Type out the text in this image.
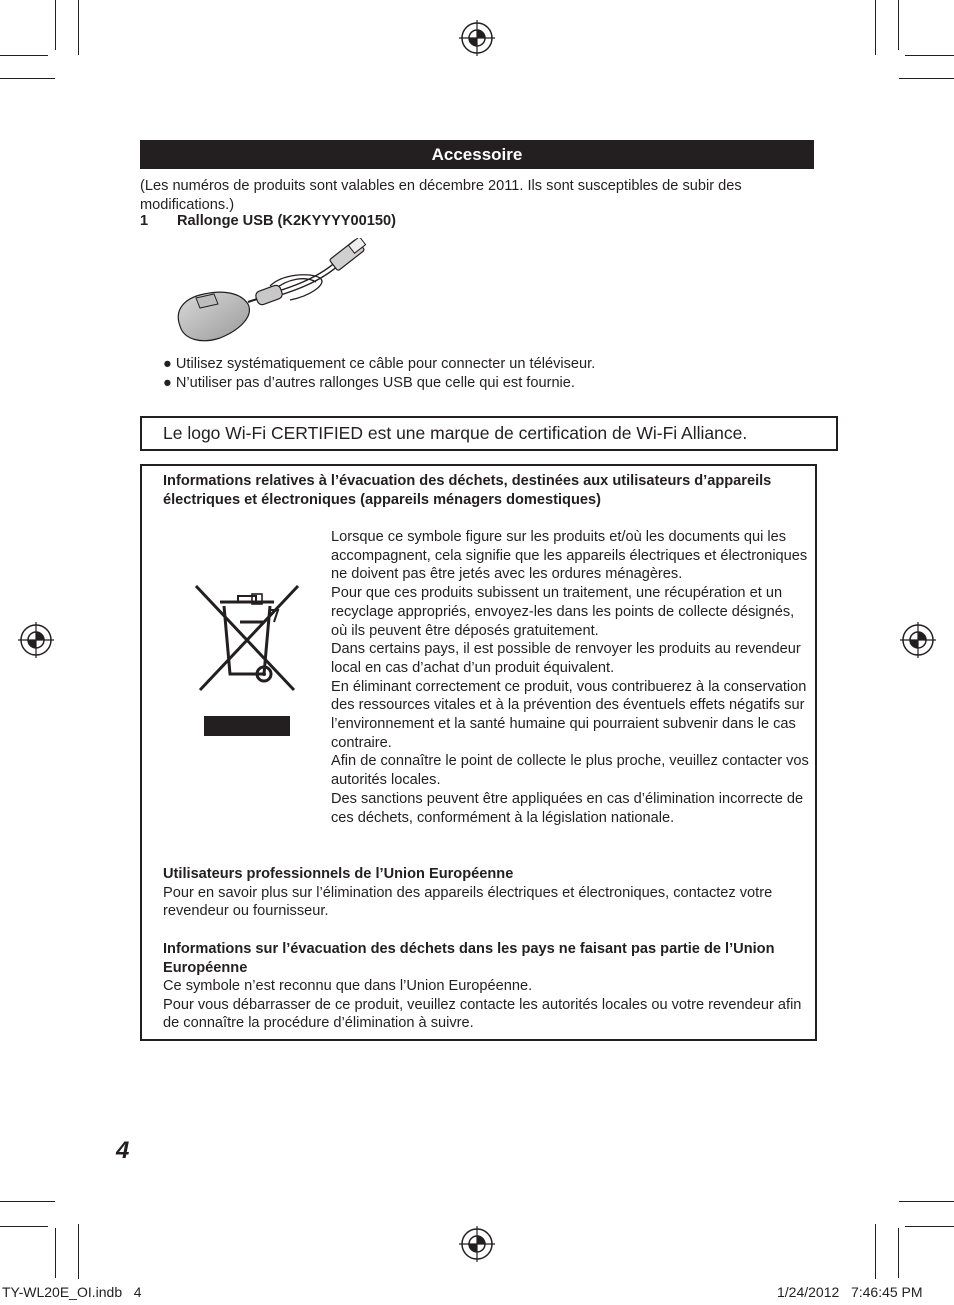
Accessoire
(Les numéros de produits sont valables en décembre 2011. Ils sont susceptibles de subir des modifications.)
1 Rallonge USB (K2KYYYY00150)
● Utilisez systématiquement ce câble pour connecter un téléviseur.
● N’utiliser pas d’autres rallonges USB que celle qui est fournie.
Le logo Wi-Fi CERTIFIED est une marque de certification de Wi-Fi Alliance.
Informations relatives à l’évacuation des déchets, destinées aux utilisateurs d’appareils électriques et électroniques (appareils ménagers domestiques)

Lorsque ce symbole figure sur les produits et/où les documents qui les accompagnent, cela signifie que les appareils électriques et électroniques ne doivent pas être jetés avec les ordures ménagères.

Pour que ces produits subissent un traitement, une récupération et un recyclage appropriés, envoyez-les dans les points de collecte désignés, où ils peuvent être déposés gratuitement.

Dans certains pays, il est possible de renvoyer les produits au revendeur local en cas d’achat d’un produit équivalent.

En éliminant correctement ce produit, vous contribuerez à la conservation des ressources vitales et à la prévention des éventuels effets négatifs sur l’environnement et la santé humaine qui pourraient subvenir dans le cas contraire.

Afin de connaître le point de collecte le plus proche, veuillez contacter vos autorités locales.

Des sanctions peuvent être appliquées en cas d’élimination incorrecte de ces déchets, conformément à la législation nationale.

Utilisateurs professionnels de l’Union Européenne
Pour en savoir plus sur l’élimination des appareils électriques et électroniques, contactez votre revendeur ou fournisseur.
Informations sur l’évacuation des déchets dans les pays ne faisant pas partie de l’Union Européenne
Ce symbole n’est reconnu que dans l’Union Européenne.
Pour vous débarrasser de ce produit, veuillez contacte les autorités locales ou votre revendeur afin de connaître la procédure d’élimination à suivre.
4
TY-WL20E_OI.indb   4	1/24/2012   7:46:45 PM
